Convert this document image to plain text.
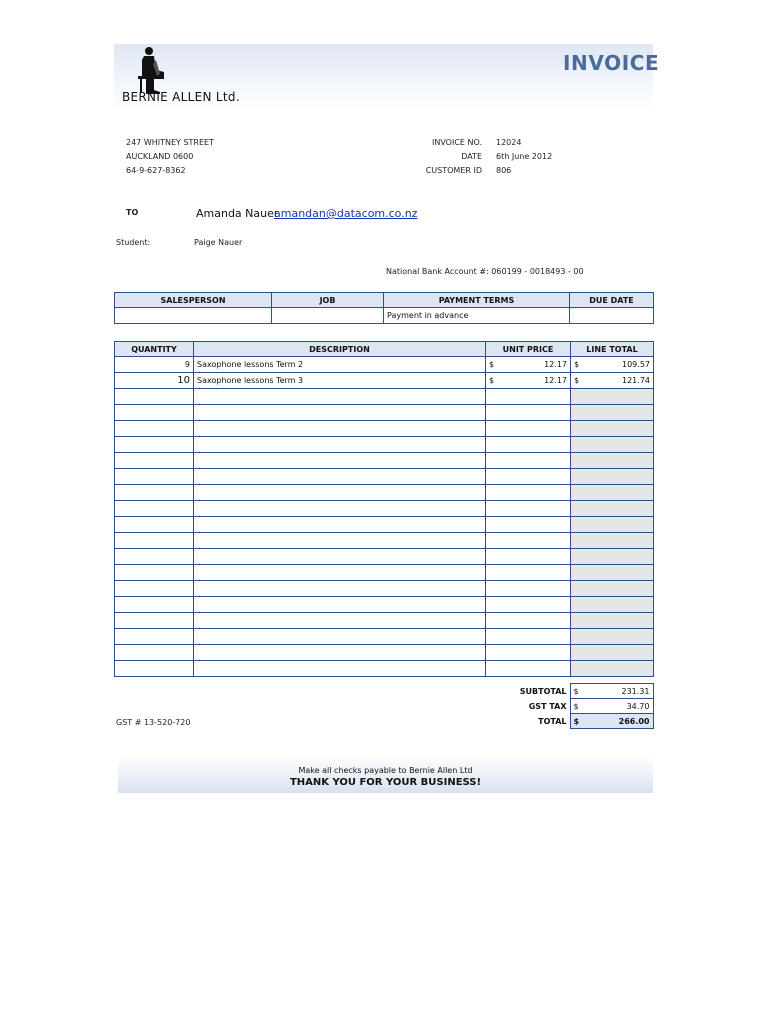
BERNIE ALLEN Ltd.
INVOICE
247 WHITNEY STREET
AUCKLAND 0600
64-9-627-8362
INVOICE NO. 12024
DATE 6th June 2012
CUSTOMER ID 806
TO	Amanda Nauer
amandan@datacom.co.nz
Student:	Paige Nauer
National Bank Account #: 060199 - 0018493 - 00
SALESPERSON	JOB	PAYMENT TERMS	DUE DATE
		Payment in advance	
QUANTITY	DESCRIPTION	UNIT PRICE	LINE TOTAL
9	Saxophone lessons Term 2	$ 12.17	$ 109.57

10	Saxophone lessons Term 3	$ 12.17	$ 121.74

SUBTOTAL	$ 231.31

GST TAX	$ 34.70

TOTAL	$ 266.00
GST # 13-520-720
Make all checks payable to Bernie Allen Ltd
THANK YOU FOR YOUR BUSINESS!
